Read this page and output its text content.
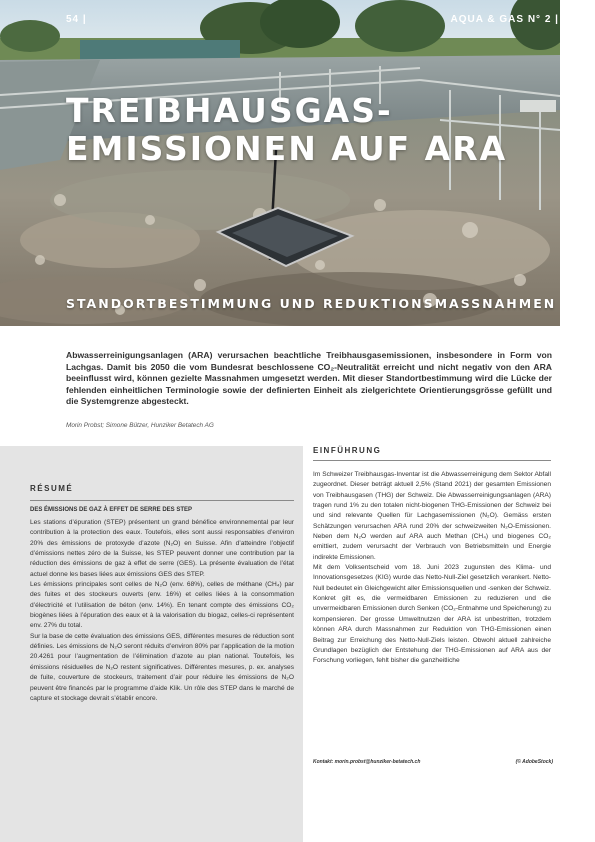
54 |	AQUA & GAS N° 2 | 2024
TREIBHAUSGAS-
EMISSIONEN AUF ARA
STANDORTBESTIMMUNG UND REDUKTIONSMASSNAHMEN

Abwasserreinigungsanlagen (ARA) verursachen beachtliche Treibhausgasemissionen, insbesondere in Form von Lachgas. Damit bis 2050 die vom Bundesrat beschlossene CO₂-Neutralität erreicht und nicht negativ von den ARA beeinflusst wird, können gezielte Massnahmen umgesetzt werden. Mit dieser Standortbestimmung wird die Lücke der fehlenden einheitlichen Terminologie sowie der definierten Einheit als zielgerichtete Orientierungsgrösse gefüllt und die Systemgrenze abgesteckt.

Morin Probst; Simone Bützer, Hunziker Betatech AG
RÉSUMÉ
DES ÉMISSIONS DE GAZ À EFFET DE SERRE DES STEP

Les stations d’épuration (STEP) présentent un grand bénéfice environnemental par leur contribution à la protection des eaux. Toutefois, elles sont aussi responsables d’environ 20% des émissions de protoxyde d’azote (N₂O) en Suisse. Afin d’atteindre l’objectif d’émissions nettes zéro de la Suisse, les STEP peuvent donner une contribution par la réduction des émissions de gaz à effet de serre (GES). La présente évaluation de l’état actuel donne les bases liées aux émissions GES des STEP.

Les émissions principales sont celles de N₂O (env. 68%), celles de méthane (CH₄) par des fuites et des stockeurs ouverts (env. 16%) et celles liées à la consommation d’électricité et l’utilisation de béton (env. 14%). En tenant compte des émissions CO₂ biogènes liées à l’épuration des eaux et à la valorisation du biogaz, celles-ci représentent env. 27% du total.

Sur la base de cette évaluation des émissions GES, différentes mesures de réduction sont définies. Les émissions de N₂O seront réduits d’environ 80% par l’application de la motion 20.4261 pour l’augmentation de l’élimination d’azote au plan national. Toutefois, les émissions résiduelles de N₂O restent significatives. Différentes mesures, p. ex. analyses de fuite, couverture de stockeurs, traitement d’air pour réduire les émissions de N₂O peuvent être financés par le programme d’aide Klik. Un rôle des STEP dans le marché de capture et stockage devrait s’établir encore.

EINFÜHRUNG

Im Schweizer Treibhausgas-Inventar ist die Abwasserreinigung dem Sektor Abfall zugeordnet. Dieser beträgt aktuell 2,5% (Stand 2021) der gesamten Emissionen von Treibhausgasen (THG) der Schweiz. Die Abwasserreinigungsanlagen (ARA) tragen rund 1% zu den totalen nicht-biogenen THG-Emissionen der Schweiz bei und sind relevante Quellen für Lachgasemissionen (N₂O). Gemäss ersten Schätzungen verursachen ARA rund 20% der schweizweiten N₂O-Emissionen. Neben dem N₂O werden auf ARA auch Methan (CH₄) und biogenes CO₂ emittiert, zudem verursacht der Verbrauch von Betriebsmitteln und Energie indirekte Emissionen.

Mit dem Volksentscheid vom 18. Juni 2023 zugunsten des Klima- und Innovationsgesetzes (KIG) wurde das Netto-Null-Ziel gesetzlich verankert. Netto-Null bedeutet ein Gleichgewicht aller Emissionsquellen und -senken der Schweiz. Konkret gilt es, die vermeidbaren Emissionen zu reduzieren und die unvermeidbaren Emissionen durch Senken (CO₂-Entnahme und Speicherung) zu kompensieren. Der grosse Umweltnutzen der ARA ist unbestritten, trotzdem können ARA durch Massnahmen zur Reduktion von THG-Emissionen einen Beitrag zur Erreichung des Netto-Null-Ziels leisten. Obwohl aktuell zahlreiche Grundlagen bezüglich der Entstehung der THG-Emissionen auf ARA aus der Forschung vorliegen, fehlt bisher die ganzheitliche

Kontakt: morin.probst@hunziker-betatech.ch	(© AdobeStock)
